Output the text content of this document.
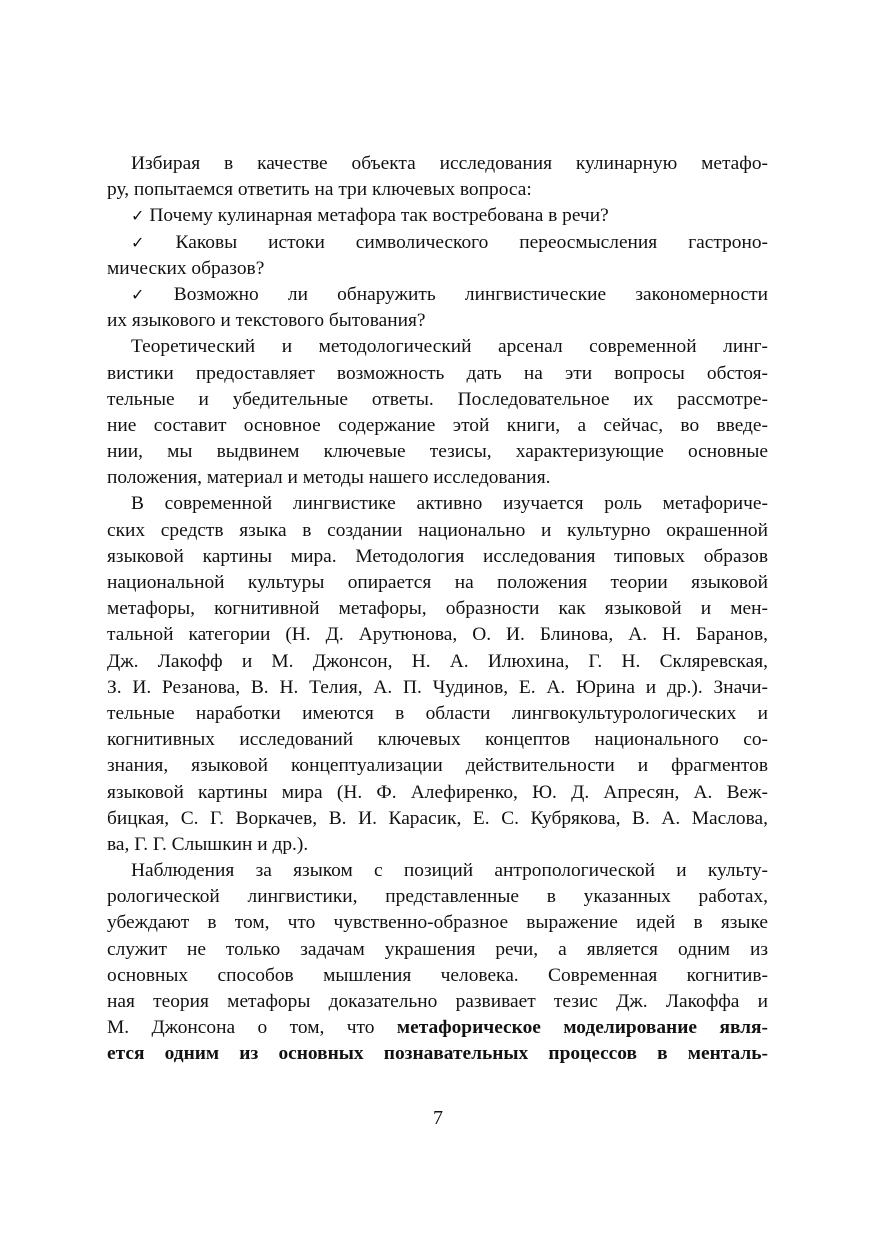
Избирая в качестве объекта исследования кулинарную метафо-
ру, попытаемся ответить на три ключевых вопроса:
✓ Почему кулинарная метафора так востребована в речи?
✓ Каковы истоки символического переосмысления гастроно-
мических образов?
✓ Возможно ли обнаружить лингвистические закономерности
их языкового и текстового бытования?
Теоретический и методологический арсенал современной линг-
вистики предоставляет возможность дать на эти вопросы обстоя-
тельные и убедительные ответы. Последовательное их рассмотре-
ние составит основное содержание этой книги, а сейчас, во введе-
нии, мы выдвинем ключевые тезисы, характеризующие основные
положения, материал и методы нашего исследования.
В современной лингвистике активно изучается роль метафориче-
ских средств языка в создании национально и культурно окрашенной
языковой картины мира. Методология исследования типовых образов
национальной культуры опирается на положения теории языковой
метафоры, когнитивной метафоры, образности как языковой и мен-
тальной категории (Н. Д. Арутюнова, О. И. Блинова, А. Н. Баранов,
Дж. Лакофф и М. Джонсон, Н. А. Илюхина, Г. Н. Скляревская,
З. И. Резанова, В. Н. Телия, А. П. Чудинов, Е. А. Юрина и др.). Значи-
тельные наработки имеются в области лингвокультурологических и
когнитивных исследований ключевых концептов национального со-
знания, языковой концептуализации действительности и фрагментов
языковой картины мира (Н. Ф. Алефиренко, Ю. Д. Апресян, А. Веж-
бицкая, С. Г. Воркачев, В. И. Карасик, Е. С. Кубрякова, В. А. Маслова,
ва, Г. Г. Слышкин и др.).
Наблюдения за языком с позиций антропологической и культу-
рологической лингвистики, представленные в указанных работах,
убеждают в том, что чувственно-образное выражение идей в языке
служит не только задачам украшения речи, а является одним из
основных способов мышления человека. Современная когнитив-
ная теория метафоры доказательно развивает тезис Дж. Лакоффа и
М. Джонсона о том, что метафорическое моделирование явля-
ется одним из основных познавательных процессов в менталь-
7
